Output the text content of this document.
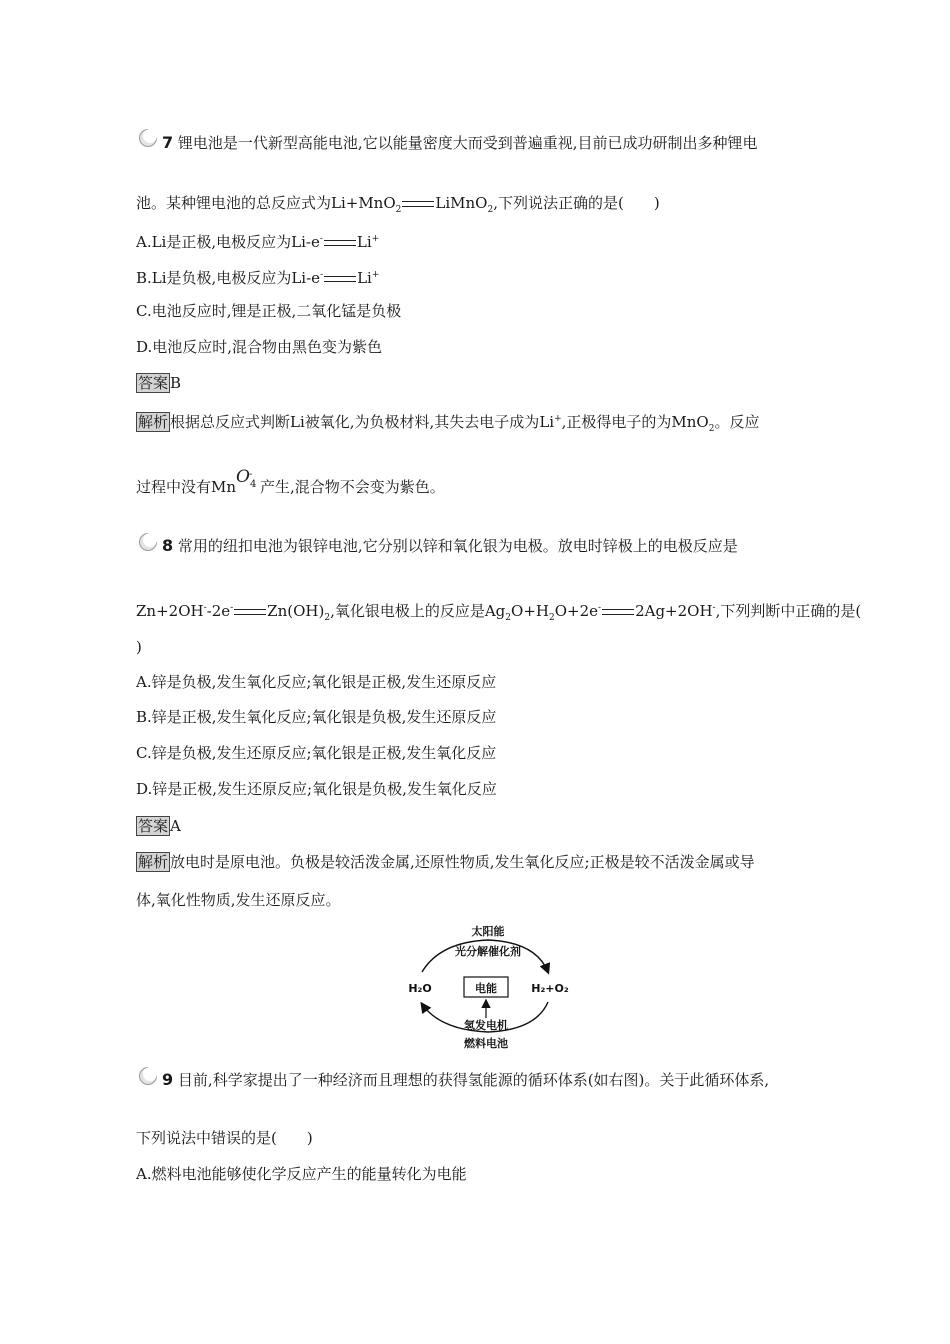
7 锂电池是一代新型高能电池,它以能量密度大而受到普遍重视,目前已成功研制出多种锂电
池。某种锂电池的总反应式为Li+MnO$_2$ LiMnO$_2$,下列说法正确的是(　　)
A.Li是正极,电极反应为Li-e- Li+
B.Li是负极,电极反应为Li-e- Li+
C.电池反应时,锂是正极,二氧化锰是负极
D.电池反应时,混合物由黑色变为紫色
答案 B
解析 根据总反应式判断Li被氧化,为负极材料,其失去电子成为Li+,正极得电子的为MnO$_2$。反应
过程中没有Mn O -
4 产生,混合物不会变为紫色。
8 常用的纽扣电池为银锌电池,它分别以锌和氧化银为电极。放电时锌极上的电极反应是
Zn+2OH--2e- $Zn(OH)_2$,氧化银电极上的反应是$Ag_2O+H_2O+2e^-$ 2Ag+2OH-,下列判断中正确的是(
)
A.锌是负极,发生氧化反应;氧化银是正极,发生还原反应
B.锌是正极,发生氧化反应;氧化银是负极,发生还原反应
C.锌是负极,发生还原反应;氧化银是正极,发生氧化反应
D.锌是正极,发生还原反应;氧化银是负极,发生氧化反应
答案 A
解析 放电时是原电池。负极是较活泼金属,还原性物质,发生氧化反应;正极是较不活泼金属或导
体,氧化性物质,发生还原反应。
太阳能
光分解催化剂
H₂O	电能	H₂+O₂
氢发电机
燃料电池
9 目前,科学家提出了一种经济而且理想的获得氢能源的循环体系(如右图)。关于此循环体系,
下列说法中错误的是(　　)
A.燃料电池能够使化学反应产生的能量转化为电能
